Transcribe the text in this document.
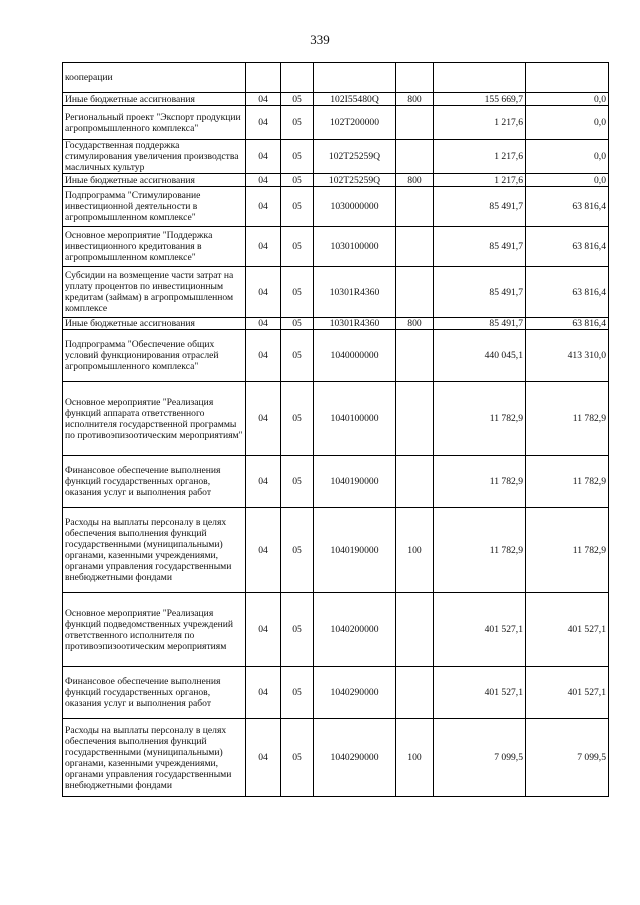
339
кооперации						
Иные бюджетные ассигнования	04	05	102I55480Q	800	155 669,7	0,0
Региональный проект "Экспорт продукции агропромышленного комплекса"	04	05	102T200000		1 217,6	0,0
Государственная поддержка стимулирования увеличения производства масличных культур	04	05	102T25259Q		1 217,6	0,0
Иные бюджетные ассигнования	04	05	102T25259Q	800	1 217,6	0,0
Подпрограмма "Стимулирование инвестиционной деятельности в агропромышленном комплексе"	04	05	1030000000		85 491,7	63 816,4
Основное мероприятие "Поддержка инвестиционного кредитования в агропромышленном комплексе"	04	05	1030100000		85 491,7	63 816,4
Субсидии на возмещение части затрат на уплату процентов по инвестиционным кредитам (займам) в агропромышленном комплексе	04	05	10301R4360		85 491,7	63 816,4
Иные бюджетные ассигнования	04	05	10301R4360	800	85 491,7	63 816,4
Подпрограмма "Обеспечение общих условий функционирования отраслей агропромышленного комплекса"	04	05	1040000000		440 045,1	413 310,0
Основное мероприятие "Реализация функций аппарата ответственного исполнителя государственной программы по противоэпизоотическим мероприятиям"	04	05	1040100000		11 782,9	11 782,9
Финансовое обеспечение выполнения функций государственных органов, оказания услуг и выполнения работ	04	05	1040190000		11 782,9	11 782,9
Расходы на выплаты персоналу в целях обеспечения выполнения функций государственными (муниципальными) органами, казенными учреждениями, органами управления государственными внебюджетными фондами	04	05	1040190000	100	11 782,9	11 782,9
Основное мероприятие "Реализация функций подведомственных учреждений ответственного исполнителя по противоэпизоотическим мероприятиям	04	05	1040200000		401 527,1	401 527,1
Финансовое обеспечение выполнения функций государственных органов, оказания услуг и выполнения работ	04	05	1040290000		401 527,1	401 527,1
Расходы на выплаты персоналу в целях обеспечения выполнения функций государственными (муниципальными) органами, казенными учреждениями, органами управления государственными внебюджетными фондами	04	05	1040290000	100	7 099,5	7 099,5
